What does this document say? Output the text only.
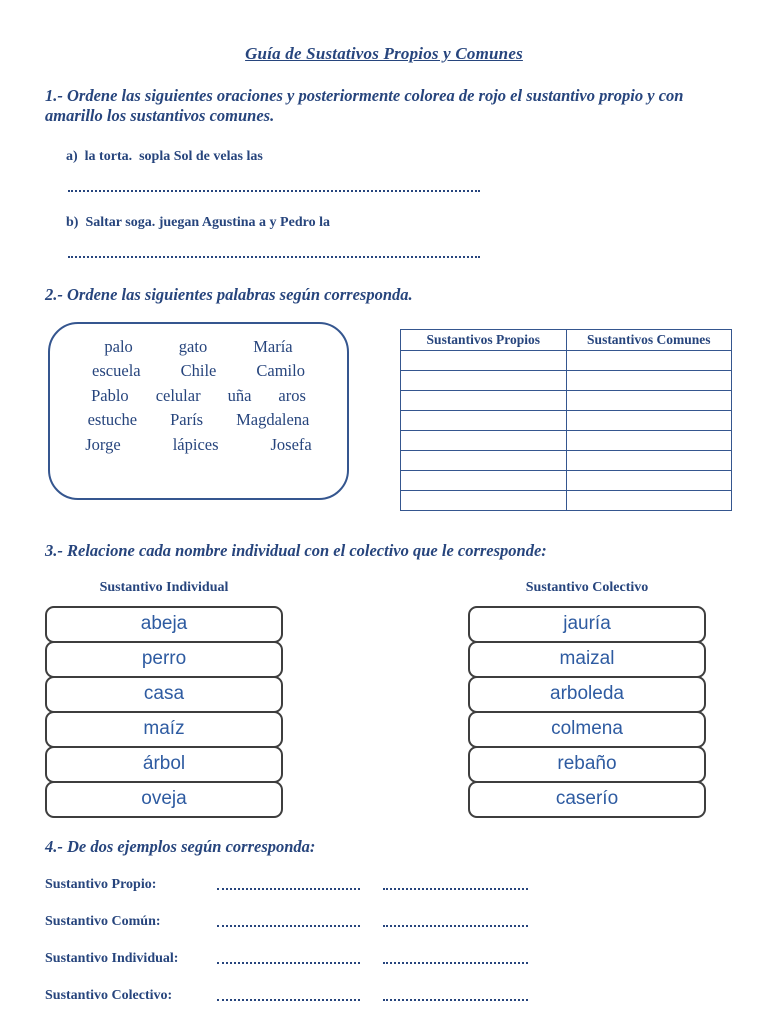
Guía de Sustativos Propios y Comunes
1.- Ordene las siguientes oraciones y posteriormente colorea de rojo el sustantivo propio y con amarillo los sustantivos comunes.
a) la torta.  sopla Sol de velas las
b) Saltar soga. juegan Agustina a y Pedro la
2.- Ordene las siguientes palabras según corresponda.
palo	gato	María
escuela Chile Camilo
Pablo celular uña aros
estuche París Magdalena
Jorge	lápices	Josefa
Sustantivos Propios	Sustantivos Comunes

3.- Relacione cada nombre individual con el colectivo que le corresponde:
Sustantivo Individual	Sustantivo Colectivo
abeja
perro
casa
maíz
árbol
oveja
jauría
maizal
arboleda
colmena
rebaño
caserío
4.- De dos ejemplos según corresponda:
Sustantivo Propio:
Sustantivo Común:
Sustantivo Individual:
Sustantivo Colectivo:
